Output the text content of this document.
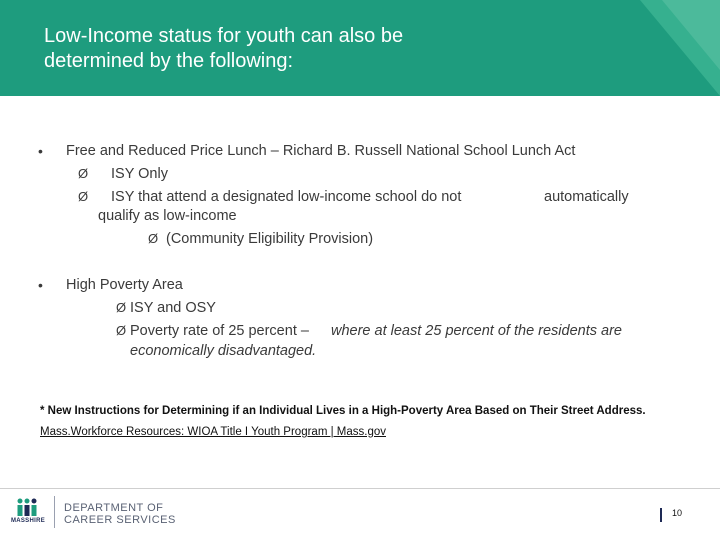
Low-Income status for youth can also be
determined by the following:
• Free and Reduced Price Lunch – Richard B. Russell National School Lunch Act
Ø ISY Only
Ø ISY that attend a designated low-income school do not	automatically
qualify as low-income
Ø (Community Eligibility Provision)
• High Poverty Area
Ø ISY and OSY
Ø Poverty rate of 25 percent – where at least 25 percent of the residents are
economically disadvantaged.
* New Instructions for Determining if an Individual Lives in a High-Poverty Area Based on Their Street Address.
Mass.Workforce Resources: WIOA Title I Youth Program | Mass.gov
MASSHIRE
DEPARTMENT OF
CAREER SERVICES
10
